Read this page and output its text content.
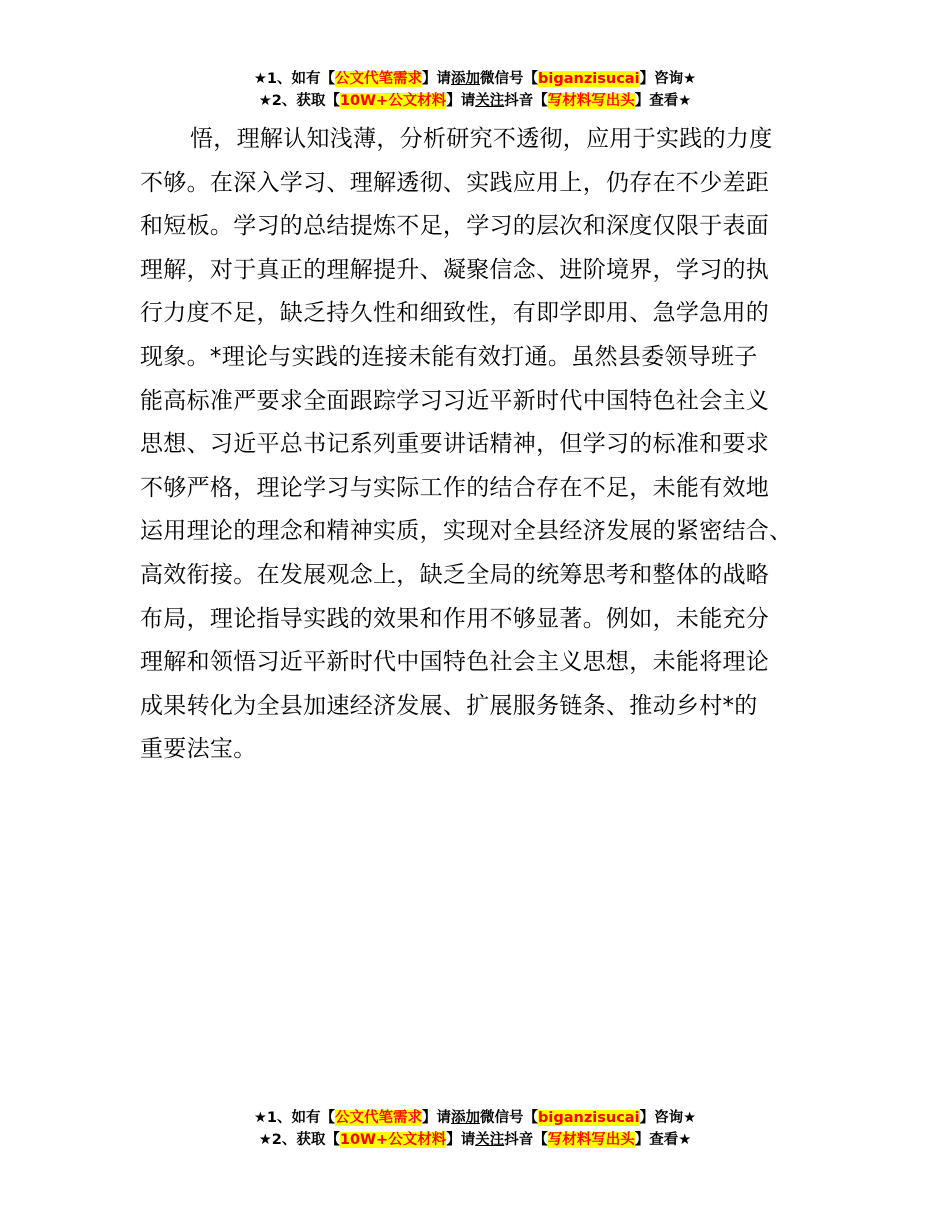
★1、如有【公文代笔需求】请添加微信号【biganzisucai】咨询★
★2、获取【10W+公文材料】请关注抖音【写材料写出头】查看★
悟，理解认知浅薄，分析研究不透彻，应用于实践的力度
不够。在深入学习、理解透彻、实践应用上，仍存在不少差距
和短板。学习的总结提炼不足，学习的层次和深度仅限于表面
理解，对于真正的理解提升、凝聚信念、进阶境界，学习的执
行力度不足，缺乏持久性和细致性，有即学即用、急学急用的
现象。*理论与实践的连接未能有效打通。虽然县委领导班子
能高标准严要求全面跟踪学习习近平新时代中国特色社会主义
思想、习近平总书记系列重要讲话精神，但学习的标准和要求
不够严格，理论学习与实际工作的结合存在不足，未能有效地
运用理论的理念和精神实质，实现对全县经济发展的紧密结合、
高效衔接。在发展观念上，缺乏全局的统筹思考和整体的战略
布局，理论指导实践的效果和作用不够显著。例如，未能充分
理解和领悟习近平新时代中国特色社会主义思想，未能将理论
成果转化为全县加速经济发展、扩展服务链条、推动乡村*的
重要法宝。
★1、如有【公文代笔需求】请添加微信号【biganzisucai】咨询★
★2、获取【10W+公文材料】请关注抖音【写材料写出头】查看★
